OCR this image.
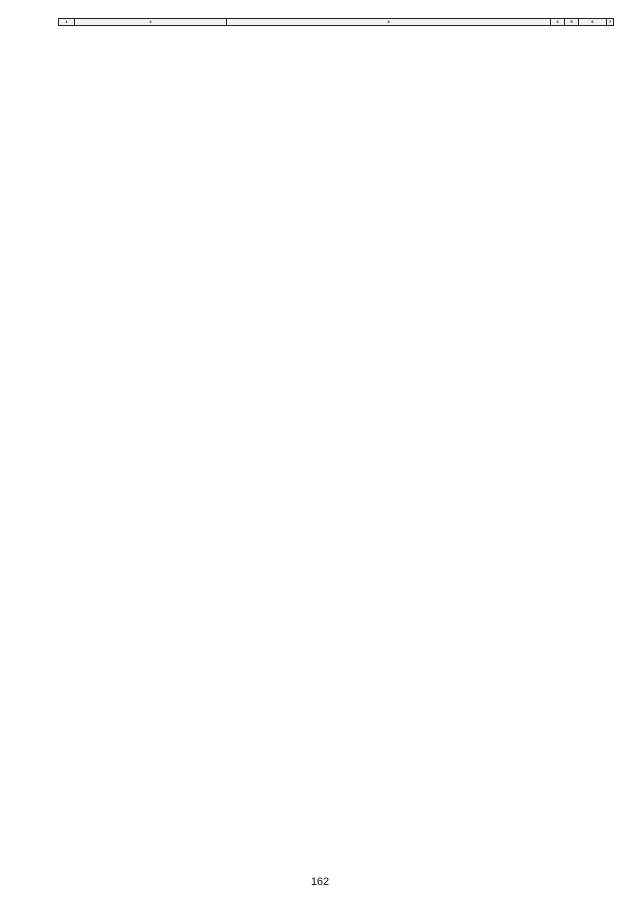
1	2	3	4	5	6	7
162
